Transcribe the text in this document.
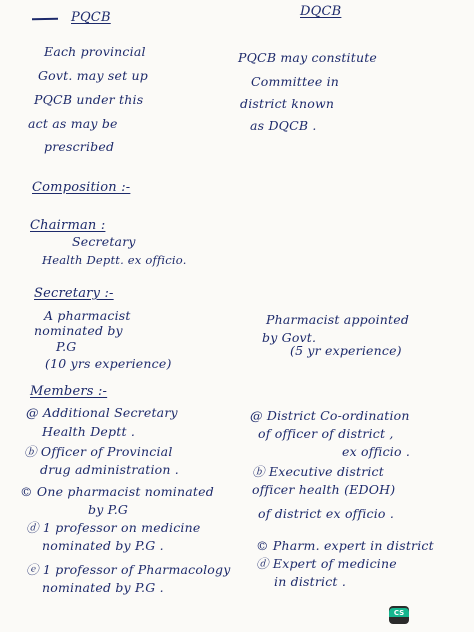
PQCB	DQCB
Each provincial
Govt. may set up
PQCB under this
act as may be
prescribed
PQCB may constitute
Committee in
district known
as DQCB .
Composition :-
Chairman :
Secretary
Health Deptt. ex officio.
Secretary :-
A pharmacist
nominated by
P.G
(10 yrs experience)
Pharmacist appointed
by Govt.
(5 yr experience)
Members :-
@ Additional Secretary
Health Deptt .
ⓑ Officer of Provincial
drug administration .
© One pharmacist nominated
by P.G
ⓓ 1 professor on medicine
nominated by P.G .
ⓔ 1 professor of Pharmacology
nominated by P.G .
@ District Co-ordination
of officer of district ,
ex officio .
ⓑ Executive district
officer health (EDOH)
of district ex officio .
© Pharm. expert in district
ⓓ Expert of medicine
in district .
CS
